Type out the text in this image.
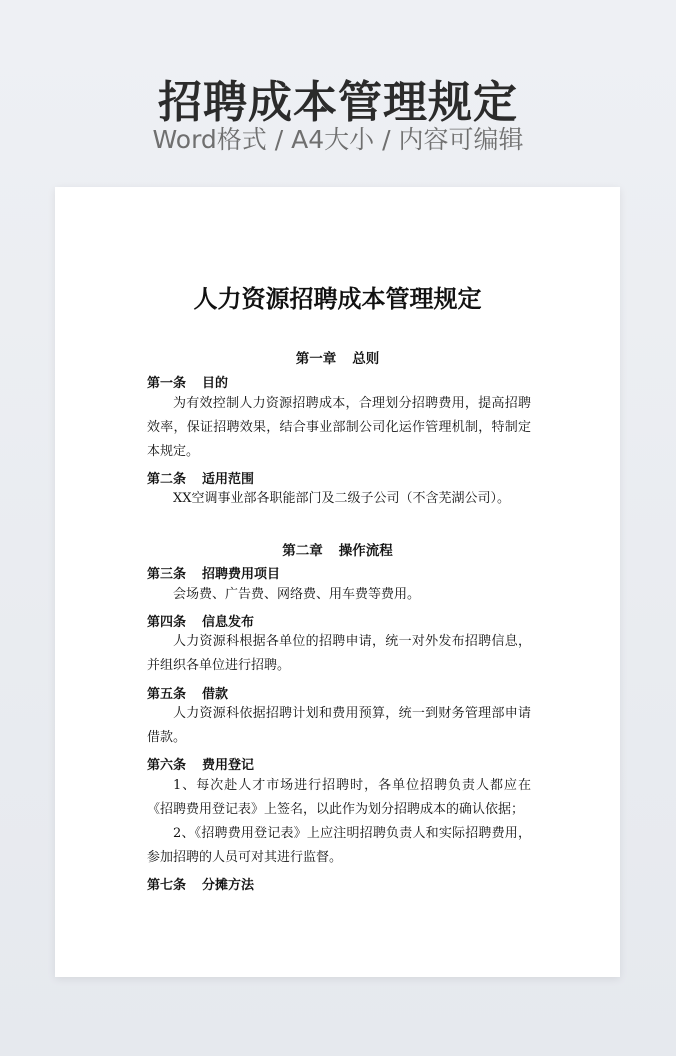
招聘成本管理规定
Word格式 / A4大小 / 内容可编辑
人力资源招聘成本管理规定
第一章 总则
第一条 目的
为有效控制人力资源招聘成本，合理划分招聘费用，提高招聘效率，保证招聘效果，结合事业部制公司化运作管理机制，特制定本规定。
第二条 适用范围
XX空调事业部各职能部门及二级子公司（不含芜湖公司）。
第二章 操作流程
第三条 招聘费用项目
会场费、广告费、网络费、用车费等费用。
第四条 信息发布
人力资源科根据各单位的招聘申请，统一对外发布招聘信息，并组织各单位进行招聘。
第五条 借款
人力资源科依据招聘计划和费用预算，统一到财务管理部申请借款。
第六条 费用登记
1、每次赴人才市场进行招聘时，各单位招聘负责人都应在《招聘费用登记表》上签名，以此作为划分招聘成本的确认依据；
2、《招聘费用登记表》上应注明招聘负责人和实际招聘费用，参加招聘的人员可对其进行监督。
第七条 分摊方法
